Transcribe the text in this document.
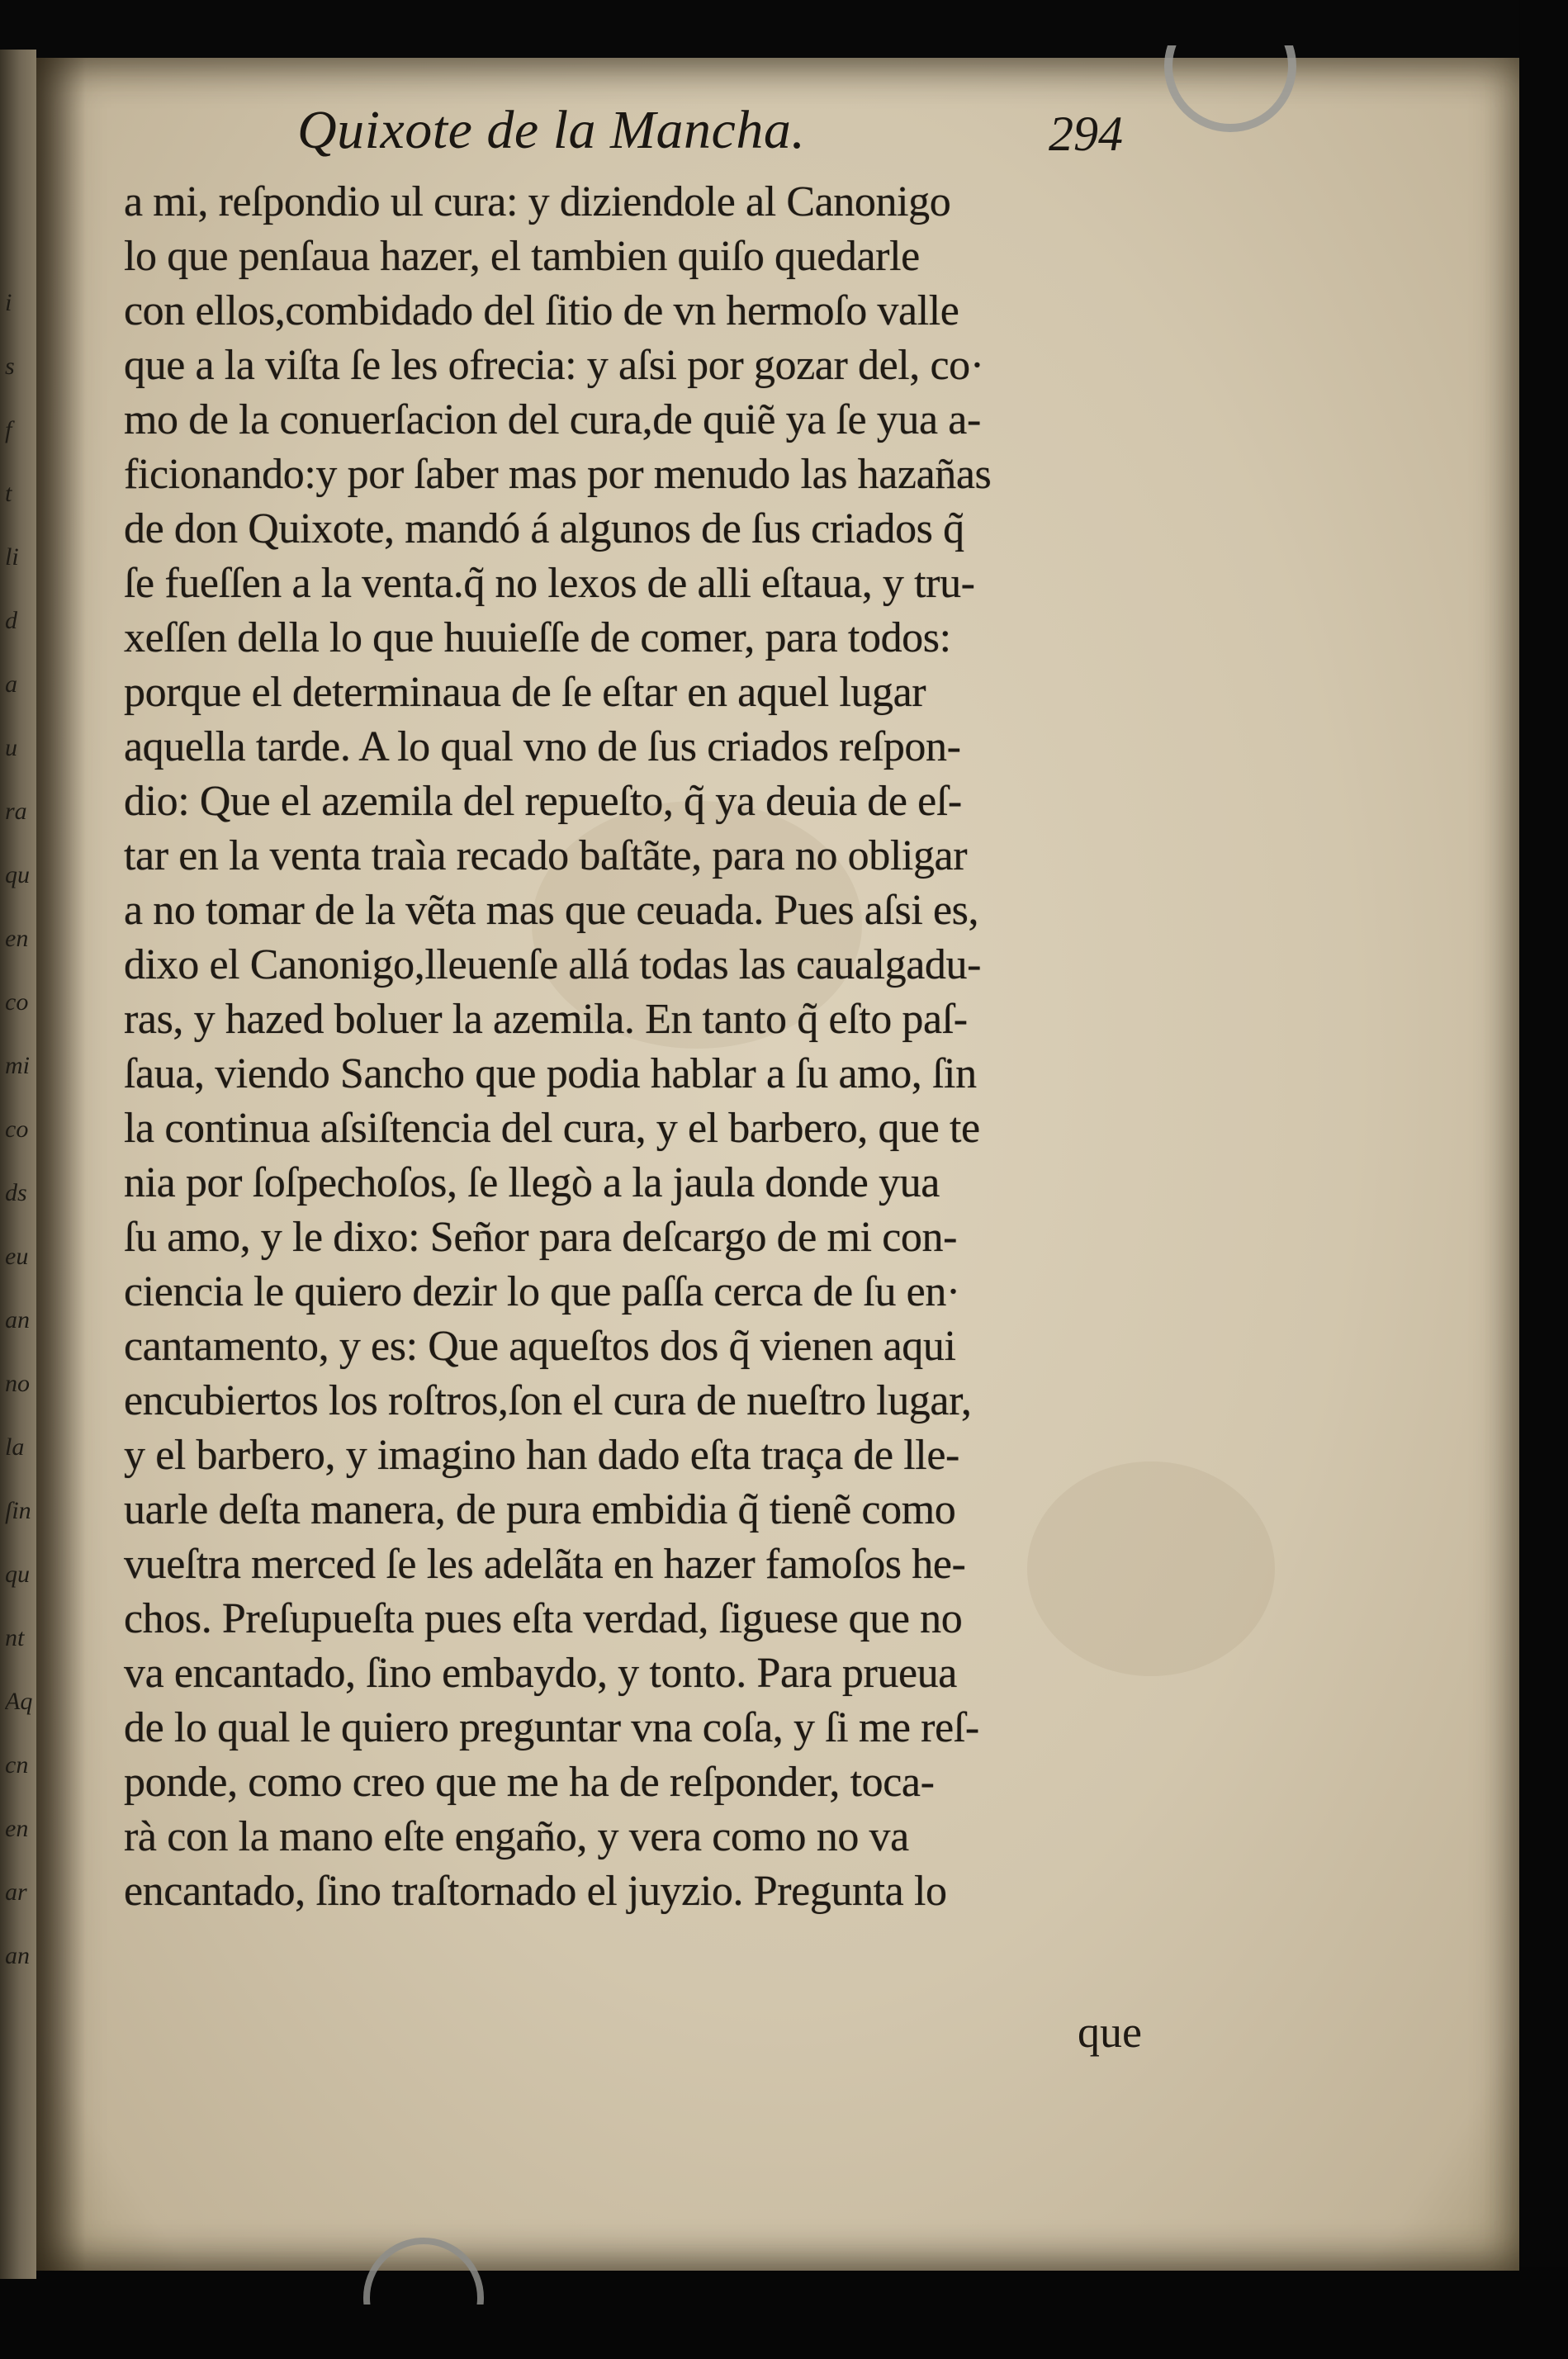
i
s
f
t
li
d
a
u
ra
qu
en
co
mi
co
ds
eu
an
no
la
ſin
qu
nt
Aq
cn
en
ar
an
Quixote de la Mancha.	294
a mi, reſpondio ul cura: y diziendole al Canonigo
lo que penſaua hazer, el tambien quiſo quedarle
con ellos,combidado del ſitio de vn hermoſo valle
que a la viſta ſe les ofrecia: y aſsi por gozar del, co·
mo de la conuerſacion del cura,de quiẽ ya ſe yua a-
ficionando:y por ſaber mas por menudo las hazañas
de don Quixote, mandó á algunos de ſus criados q̃
ſe fueſſen a la venta.q̃ no lexos de alli eſtaua, y tru-
xeſſen della lo que huuieſſe de comer, para todos:
porque el determinaua de ſe eſtar en aquel lugar
aquella tarde. A lo qual vno de ſus criados reſpon-
dio: Que el azemila del repueſto, q̃ ya deuia de eſ-
tar en la venta traìa recado baſtãte, para no obligar
a no tomar de la vẽta mas que ceuada. Pues aſsi es,
dixo el Canonigo,lleuenſe allá todas las caualgadu-
ras, y hazed boluer la azemila. En tanto q̃ eſto paſ-
ſaua, viendo Sancho que podia hablar a ſu amo, ſin
la continua aſsiſtencia del cura, y el barbero, que te
nia por ſoſpechoſos, ſe llegò a la jaula donde yua
ſu amo, y le dixo: Señor para deſcargo de mi con-
ciencia le quiero dezir lo que paſſa cerca de ſu en·
cantamento, y es: Que aqueſtos dos q̃ vienen aqui
encubiertos los roſtros,ſon el cura de nueſtro lugar,
y el barbero, y imagino han dado eſta traça de lle-
uarle deſta manera, de pura embidia q̃ tienẽ como
vueſtra merced ſe les adelãta en hazer famoſos he-
chos. Preſupueſta pues eſta verdad, ſiguese que no
va encantado, ſino embaydo, y tonto. Para prueua
de lo qual le quiero preguntar vna coſa, y ſi me reſ-
ponde, como creo que me ha de reſponder, toca-
rà con la mano eſte engaño, y vera como no va
encantado, ſino traſtornado el juyzio. Pregunta lo
que
